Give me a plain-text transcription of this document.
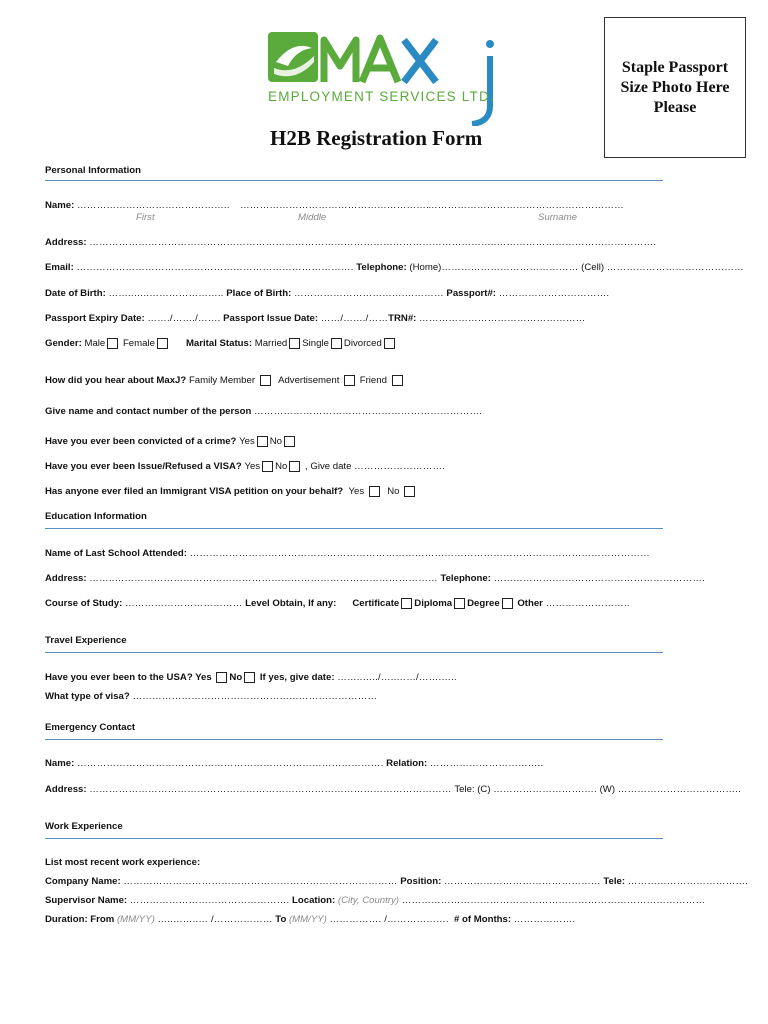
EMPLOYMENT SERVICES LTD.
Staple Passport Size Photo Here Please
H2B Registration Form
Personal Information
Name: ……………………………………….. …………………………………………………. ……………………………………………………
First	Middle	Surname
Address: ……………………………………………………………………………………………………………..………………………………………….
Email: …………………………………………………………………………. Telephone: (Home)…………………………………… (Cell) ……………………………………
Date of Birth: ……..…..………………….. Place of Birth: …………………………….………… Passport#: …………………………….
Passport Expiry Date: ……./……./……. Passport Issue Date: ……/……./……TRN#: ……………………………………………
Gender: Male Female	Marital Status: Married Single Divorced
How did you hear about MaxJ? Family Member Advertisement Friend
Give name and contact number of the person …………………………………………………………….
Have you ever been convicted of a crime? Yes No
Have you ever been Issue/Refused a VISA? Yes No , Give date ……………………….
Has anyone ever filed an Immigrant VISA petition on your behalf? Yes No
Education Information
Name of Last School Attended: ……………………………………………………………………………………………………………………………
Address: ……..……………………………………………………………………………………… Telephone: ……………….……………………………………….
Course of Study: ……………………………… Level Obtain, If any: Certificate Diploma Degree Other ……………………..
Travel Experience
Have you ever been to the USA? Yes No If yes, give date: ……..…../…..……/…….…..
What type of visa? …………………………………………………………………
Emergency Contact
Name: …………………………………………………………………………………. Relation: ……………………………..
Address: ………………………………………………………………………………………………… Tele: (C) ……………………….…. (W) ………………………………..
Work Experience
List most recent work experience:
Company Name: ………………………………………………………………………… Position: ………………………………………… Tele: ……………………………….
Supervisor Name: …………………………………………. Location: (City, Country) …………………………………………………………………………………
Duration: From (MM/YY) …..……..… /……………… To (MM/YY) ……………. /………………. # of Months: ……………….
